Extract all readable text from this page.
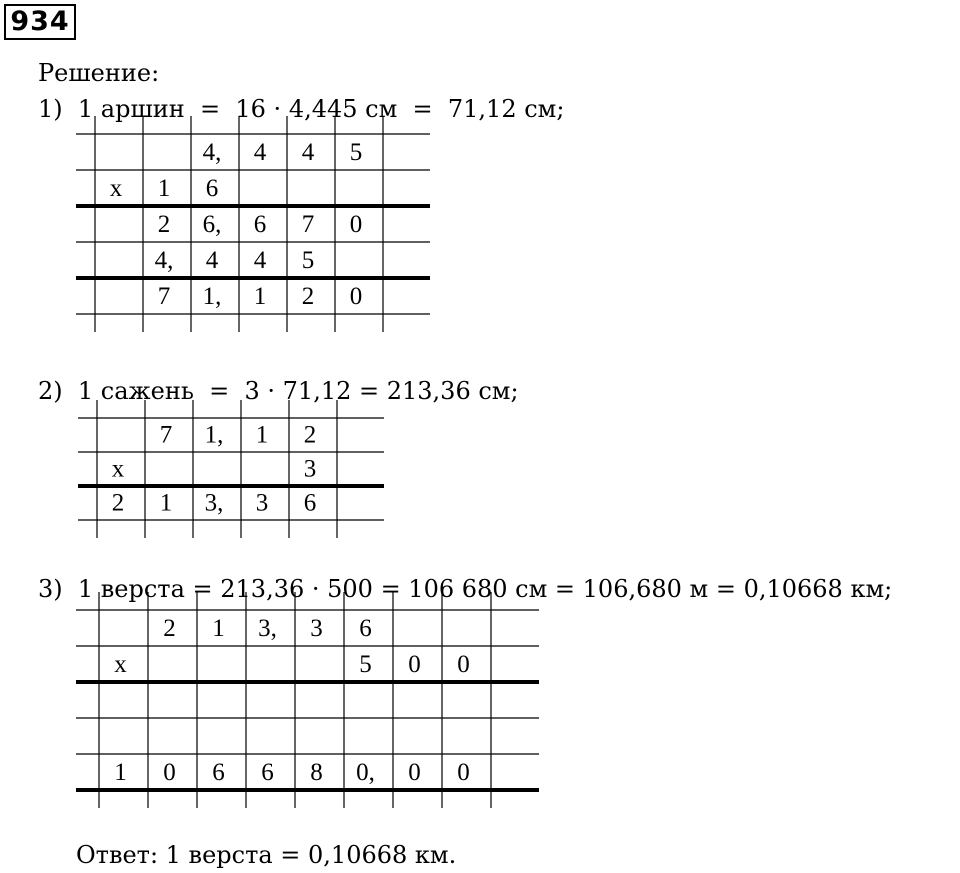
934
Решение:
1)  1 аршин  =  16 · 4,445 см  =  71,12 см;
4, 4 4 5
x 1 6
2 6, 6 7 0
4, 4 4 5
7 1, 1 2 0
2)  1 сажень  =  3 · 71,12 = 213,36 см;
7 1, 1 2
x	3
2 1 3, 3 6
3)  1 верста = 213,36 · 500 = 106 680 см = 106,680 м = 0,10668 км;
2 1 3, 3 6
x	5 0 0
1 0 6 6 8 0, 0 0
Ответ: 1 верста = 0,10668 км.
